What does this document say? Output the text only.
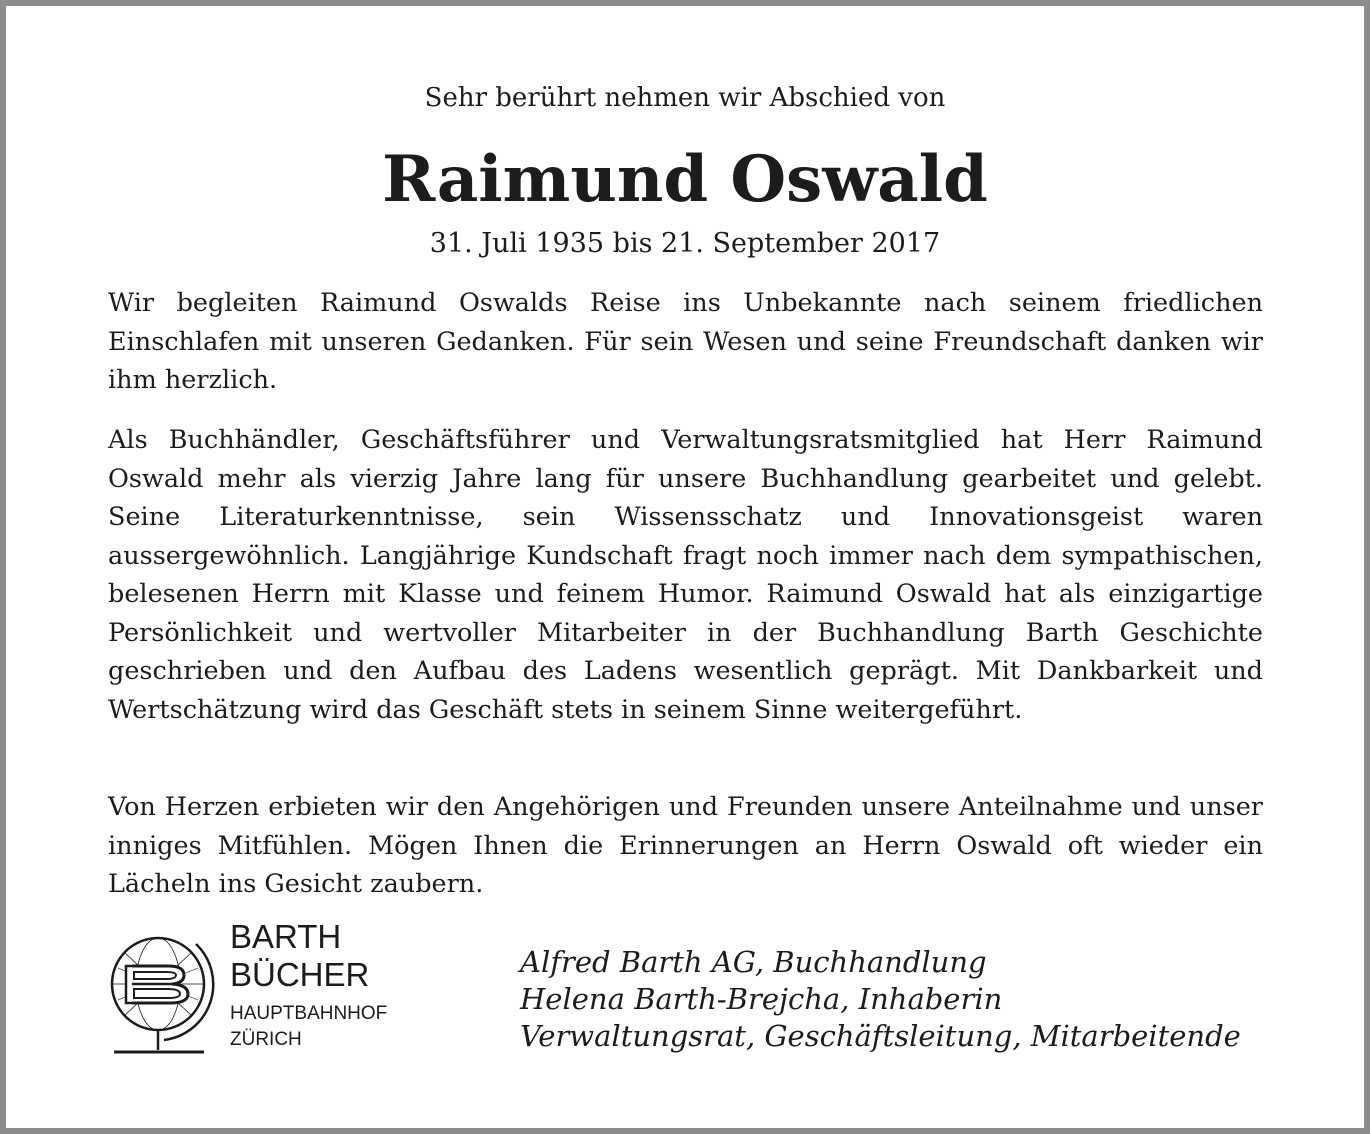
Sehr berührt nehmen wir Abschied von
Raimund Oswald
31. Juli 1935 bis 21. September 2017

Wir begleiten Raimund Oswalds Reise ins Unbekannte nach seinem friedlichen Einschlafen mit unseren Gedanken. Für sein Wesen und seine Freundschaft danken wir ihm herzlich.

Als Buchhändler, Geschäftsführer und Verwaltungsratsmitglied hat Herr Raimund Oswald mehr als vierzig Jahre lang für unsere Buchhandlung gearbeitet und gelebt. Seine Literaturkenntnisse, sein Wissensschatz und Innovationsgeist waren aussergewöhnlich. Langjährige Kundschaft fragt noch immer nach dem sympathischen, belesenen Herrn mit Klasse und feinem Humor. Raimund Oswald hat als einzigartige Persönlichkeit und wertvoller Mitarbeiter in der Buchhandlung Barth Geschichte geschrieben und den Aufbau des Ladens wesentlich geprägt. Mit Dankbarkeit und Wertschätzung wird das Geschäft stets in seinem Sinne weitergeführt.

Von Herzen erbieten wir den Angehörigen und Freunden unsere Anteilnahme und unser inniges Mitfühlen. Mögen Ihnen die Erinnerungen an Herrn Oswald oft wieder ein Lächeln ins Gesicht zaubern.

BARTH
BÜCHER
HAUPTBAHNHOF
ZÜRICH
Alfred Barth AG, Buchhandlung
Helena Barth-Brejcha, Inhaberin
Verwaltungsrat, Geschäftsleitung, Mitarbeitende
